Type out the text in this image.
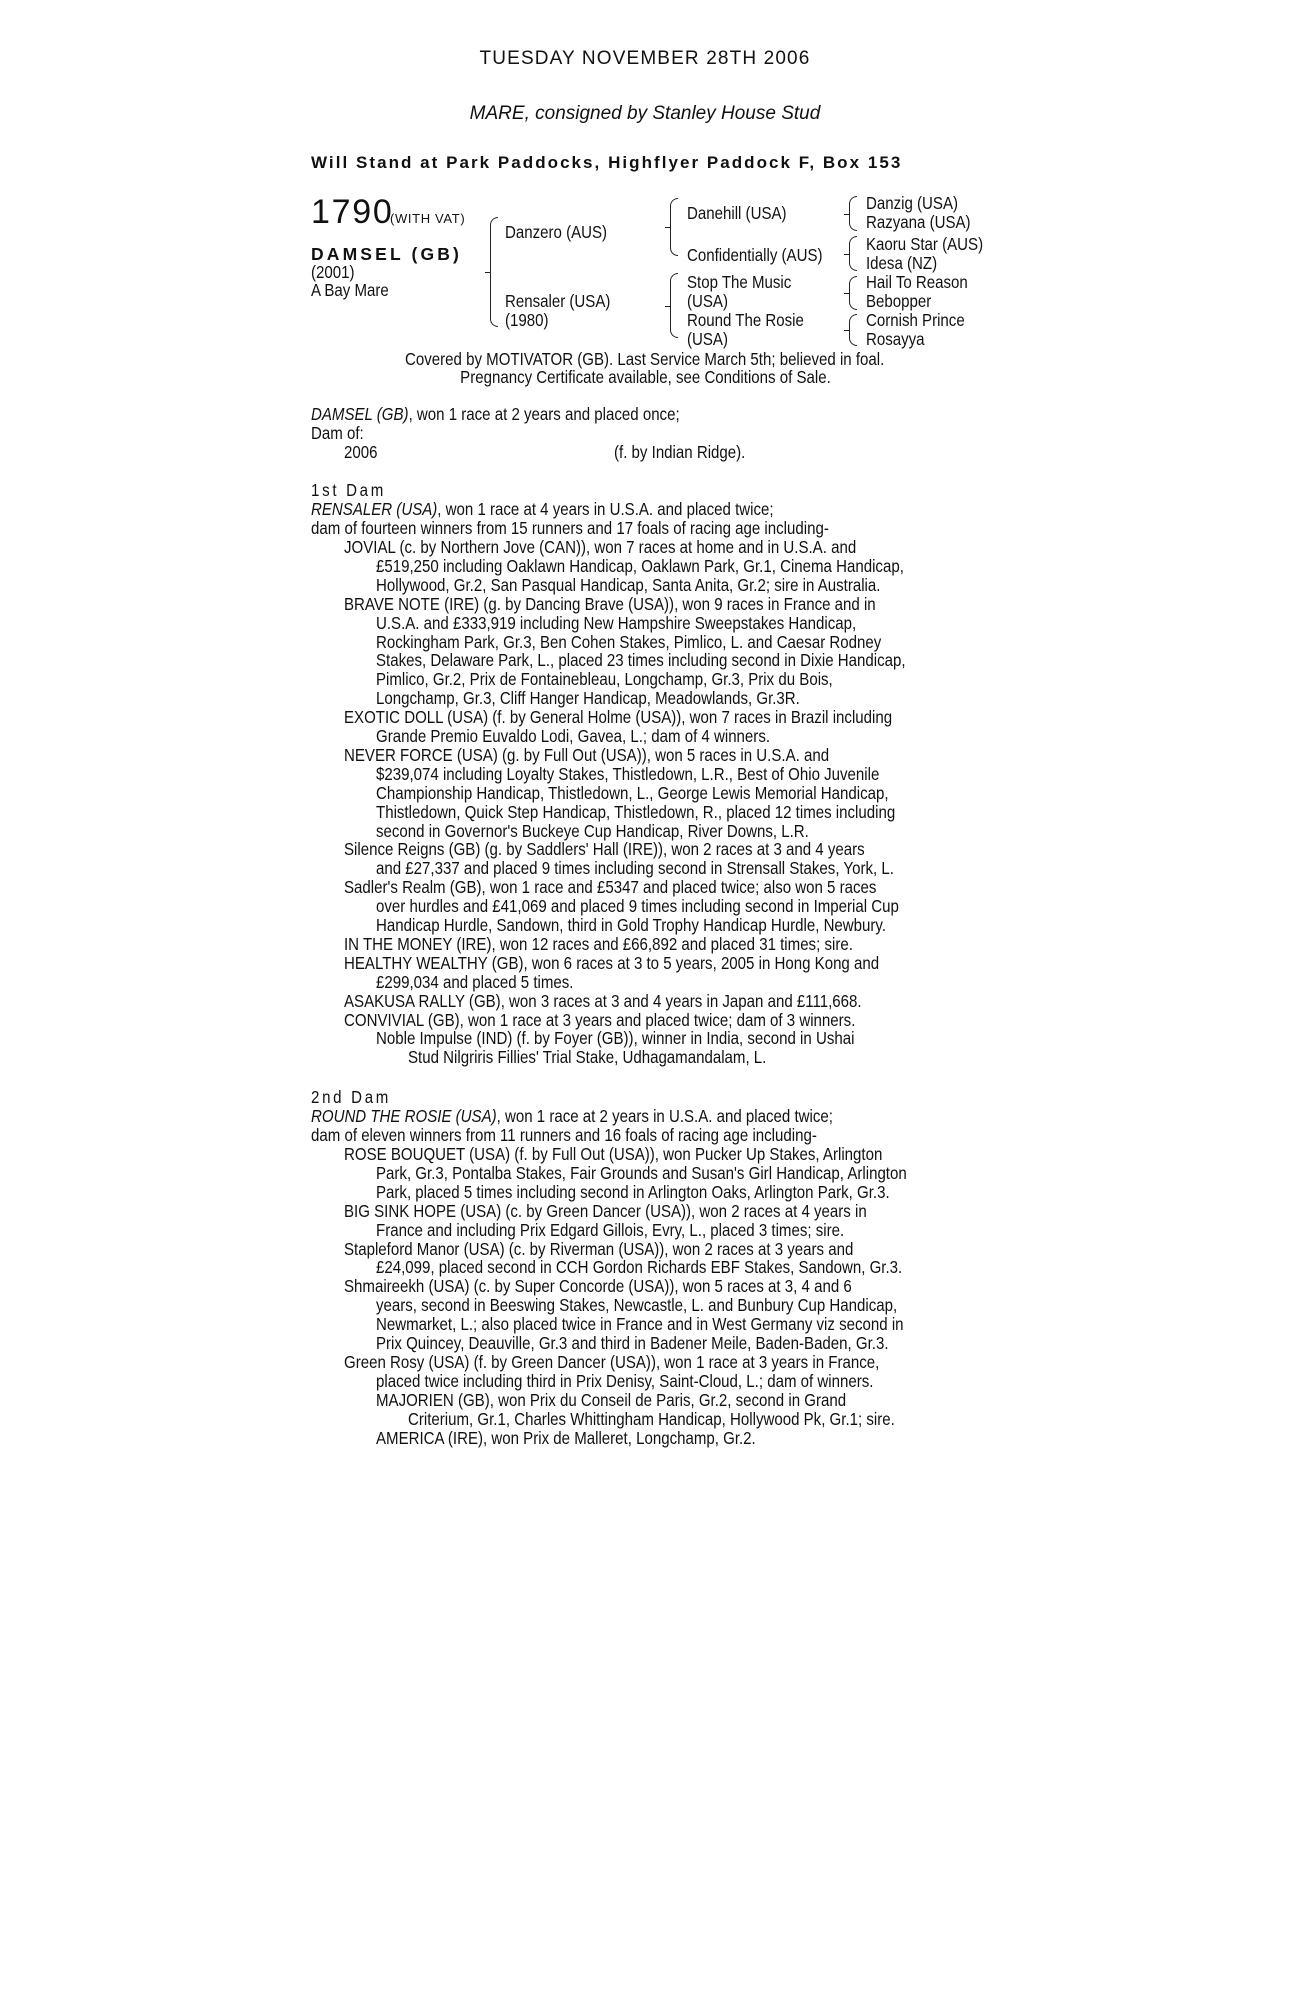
TUESDAY NOVEMBER 28TH 2006
MARE, consigned by Stanley House Stud
Will Stand at Park Paddocks, Highflyer Paddock F, Box 153
1790
(WITH VAT)
DAMSEL (GB)
(2001)
A Bay Mare
Danzero (AUS)
Rensaler (USA)
(1980)
Danehill (USA)
Confidentially (AUS)
Stop The Music
(USA)
Round The Rosie
(USA)
Danzig (USA)
Razyana (USA)
Kaoru Star (AUS)
Idesa (NZ)
Hail To Reason
Bebopper
Cornish Prince
Rosayya
Covered by MOTIVATOR (GB). Last Service March 5th; believed in foal.
Pregnancy Certificate available, see Conditions of Sale.
DAMSEL (GB), won 1 race at 2 years and placed once;
Dam of:
2006	(f. by Indian Ridge).
1st Dam
RENSALER (USA), won 1 race at 4 years in U.S.A. and placed twice;
dam of fourteen winners from 15 runners and 17 foals of racing age including-
JOVIAL (c. by Northern Jove (CAN)), won 7 races at home and in U.S.A. and
£519,250 including Oaklawn Handicap, Oaklawn Park, Gr.1, Cinema Handicap,
Hollywood, Gr.2, San Pasqual Handicap, Santa Anita, Gr.2; sire in Australia.
BRAVE NOTE (IRE) (g. by Dancing Brave (USA)), won 9 races in France and in
U.S.A. and £333,919 including New Hampshire Sweepstakes Handicap,
Rockingham Park, Gr.3, Ben Cohen Stakes, Pimlico, L. and Caesar Rodney
Stakes, Delaware Park, L., placed 23 times including second in Dixie Handicap,
Pimlico, Gr.2, Prix de Fontainebleau, Longchamp, Gr.3, Prix du Bois,
Longchamp, Gr.3, Cliff Hanger Handicap, Meadowlands, Gr.3R.
EXOTIC DOLL (USA) (f. by General Holme (USA)), won 7 races in Brazil including
Grande Premio Euvaldo Lodi, Gavea, L.; dam of 4 winners.
NEVER FORCE (USA) (g. by Full Out (USA)), won 5 races in U.S.A. and
$239,074 including Loyalty Stakes, Thistledown, L.R., Best of Ohio Juvenile
Championship Handicap, Thistledown, L., George Lewis Memorial Handicap,
Thistledown, Quick Step Handicap, Thistledown, R., placed 12 times including
second in Governor's Buckeye Cup Handicap, River Downs, L.R.
Silence Reigns (GB) (g. by Saddlers' Hall (IRE)), won 2 races at 3 and 4 years
and £27,337 and placed 9 times including second in Strensall Stakes, York, L.
Sadler's Realm (GB), won 1 race and £5347 and placed twice; also won 5 races
over hurdles and £41,069 and placed 9 times including second in Imperial Cup
Handicap Hurdle, Sandown, third in Gold Trophy Handicap Hurdle, Newbury.
IN THE MONEY (IRE), won 12 races and £66,892 and placed 31 times; sire.
HEALTHY WEALTHY (GB), won 6 races at 3 to 5 years, 2005 in Hong Kong and
£299,034 and placed 5 times.
ASAKUSA RALLY (GB), won 3 races at 3 and 4 years in Japan and £111,668.
CONVIVIAL (GB), won 1 race at 3 years and placed twice; dam of 3 winners.
Noble Impulse (IND) (f. by Foyer (GB)), winner in India, second in Ushai
Stud Nilgriris Fillies' Trial Stake, Udhagamandalam, L.
2nd Dam
ROUND THE ROSIE (USA), won 1 race at 2 years in U.S.A. and placed twice;
dam of eleven winners from 11 runners and 16 foals of racing age including-
ROSE BOUQUET (USA) (f. by Full Out (USA)), won Pucker Up Stakes, Arlington
Park, Gr.3, Pontalba Stakes, Fair Grounds and Susan's Girl Handicap, Arlington
Park, placed 5 times including second in Arlington Oaks, Arlington Park, Gr.3.
BIG SINK HOPE (USA) (c. by Green Dancer (USA)), won 2 races at 4 years in
France and including Prix Edgard Gillois, Evry, L., placed 3 times; sire.
Stapleford Manor (USA) (c. by Riverman (USA)), won 2 races at 3 years and
£24,099, placed second in CCH Gordon Richards EBF Stakes, Sandown, Gr.3.
Shmaireekh (USA) (c. by Super Concorde (USA)), won 5 races at 3, 4 and 6
years, second in Beeswing Stakes, Newcastle, L. and Bunbury Cup Handicap,
Newmarket, L.; also placed twice in France and in West Germany viz second in
Prix Quincey, Deauville, Gr.3 and third in Badener Meile, Baden-Baden, Gr.3.
Green Rosy (USA) (f. by Green Dancer (USA)), won 1 race at 3 years in France,
placed twice including third in Prix Denisy, Saint-Cloud, L.; dam of winners.
MAJORIEN (GB), won Prix du Conseil de Paris, Gr.2, second in Grand
Criterium, Gr.1, Charles Whittingham Handicap, Hollywood Pk, Gr.1; sire.
AMERICA (IRE), won Prix de Malleret, Longchamp, Gr.2.
